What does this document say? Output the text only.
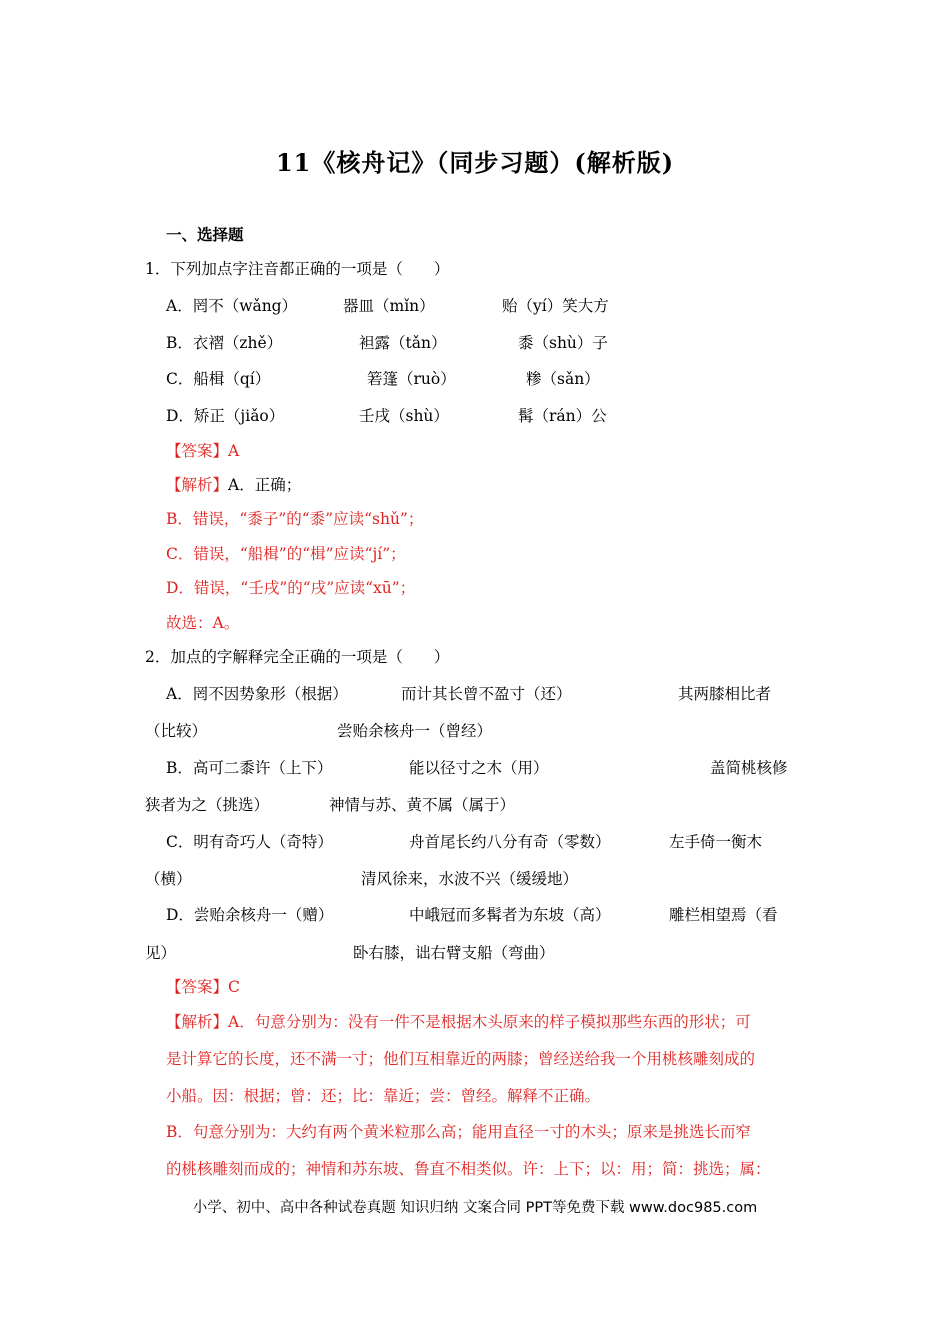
11《核舟记》（同步习题）(解析版)
一、选择题
1．下列加点字注音都正确的一项是（　　）
A．罔不（wǎng）	器皿（mǐn）	贻（yí）笑大方
B．衣褶（zhě）	袒露（tǎn）	黍（shù）子
C．船楫（qí）	箬篷（ruò）	糁（sǎn）
D．矫正（jiǎo）	壬戌（shù）	髯（rán）公
【答案】A
【解析】A．正确；
B．错误，“黍子”的“黍”应读“shǔ”；
C．错误，“船楫”的“楫”应读“jí”；
D．错误，“壬戌”的“戌”应读“xū”；
故选：A。
2．加点的字解释完全正确的一项是（　　）
A．罔不因势象形（根据）	而计其长曾不盈寸（还）	其两膝相比者
（比较）	尝贻余核舟一（曾经）
B．高可二黍许（上下）	能以径寸之木（用）	盖简桃核修
狭者为之（挑选）	神情与苏、黄不属（属于）
C．明有奇巧人（奇特）	舟首尾长约八分有奇（零数）	左手倚一衡木
（横）	清风徐来，水波不兴（缓缓地）
D．尝贻余核舟一（赠）	中峨冠而多髯者为东坡（高）	雕栏相望焉（看
见）	卧右膝，诎右臂支船（弯曲）
【答案】C
【解析】A．句意分别为：没有一件不是根据木头原来的样子模拟那些东西的形状；可
是计算它的长度，还不满一寸；他们互相靠近的两膝；曾经送给我一个用桃核雕刻成的
小船。因：根据；曾：还；比：靠近；尝：曾经。解释不正确。
B．句意分别为：大约有两个黄米粒那么高；能用直径一寸的木头；原来是挑选长而窄
的桃核雕刻而成的；神情和苏东坡、鲁直不相类似。许：上下；以：用；简：挑选；属：
小学、初中、高中各种试卷真题 知识归纳 文案合同 PPT等免费下载 www.doc985.com
